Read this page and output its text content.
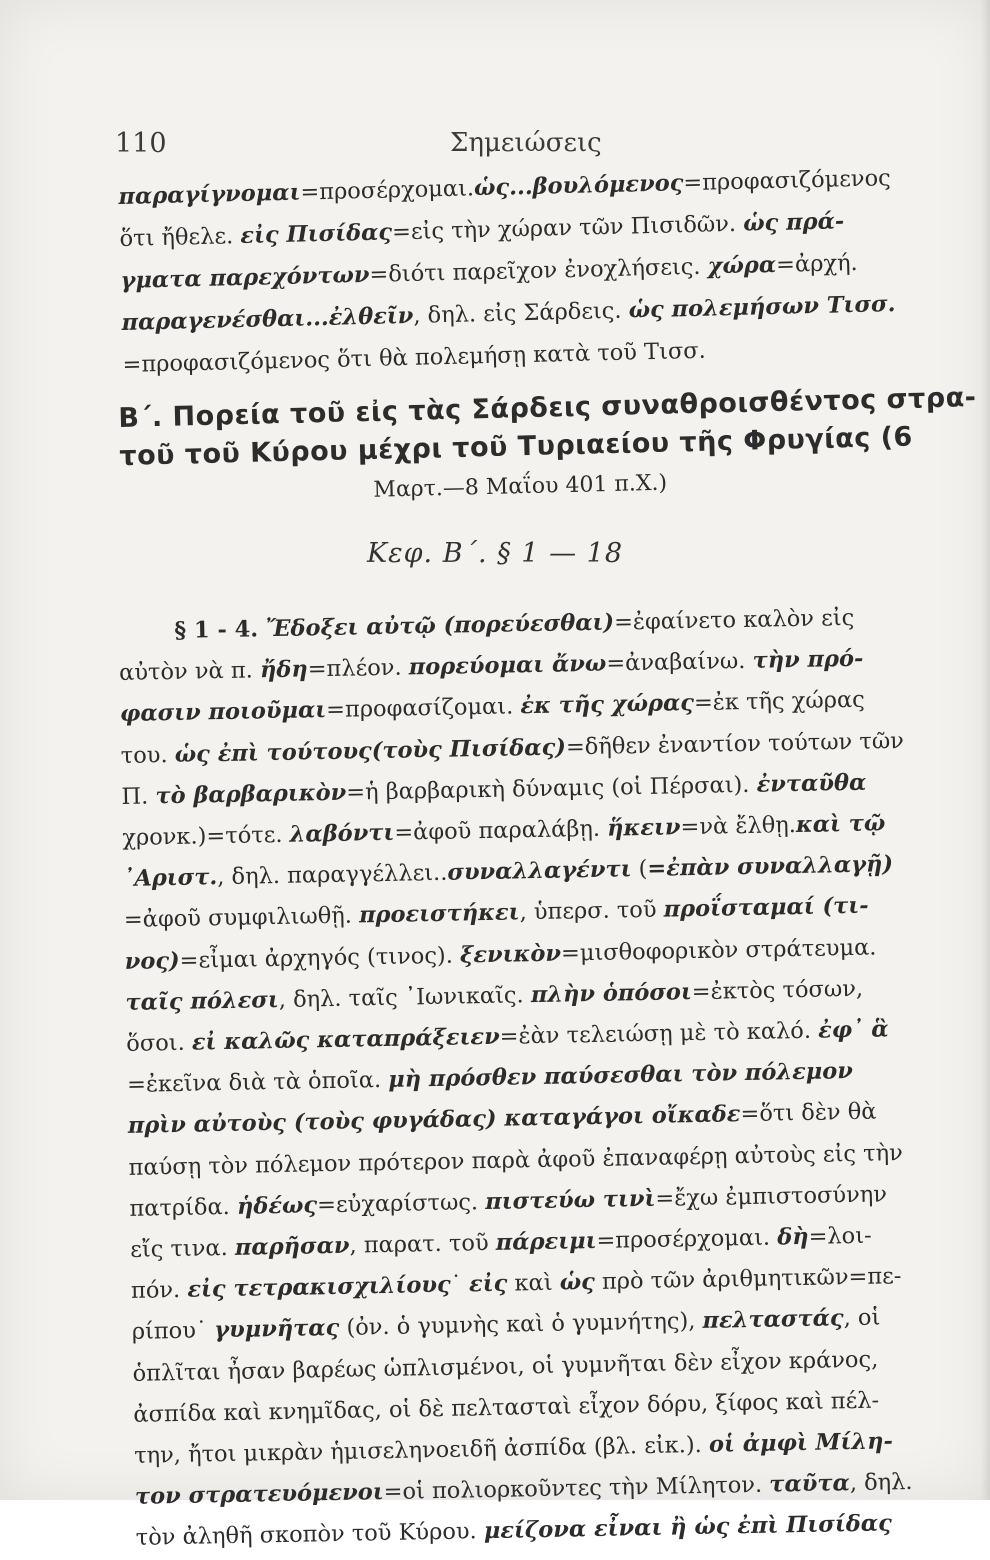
110	Σημειώσεις

παραγίγνομαι=προσέρχομαι.ὡς...βουλόμενος=προφασιζόμενος

ὅτι ἤθελε. εἰς Πισίδας=εἰς τὴν χώραν τῶν Πισιδῶν. ὡς πρά-

γματα παρεχόντων=διότι παρεῖχον ἐνοχλήσεις. χώρα=ἀρχή.

παραγενέσθαι...ἐλθεῖν, δηλ. εἰς Σάρδεις. ὡς πολεμήσων Τισσ.

=προφασιζόμενος ὅτι θὰ πολεμήσῃ κατὰ τοῦ Τισσ.

Β΄. Πορεία τοῦ εἰς τὰς Σάρδεις συναθροισθέντος στρα-
τοῦ τοῦ Κύρου μέχρι τοῦ Τυριαείου τῆς Φρυγίας (6
Μαρτ.—8 Μαΐου 401 π.Χ.)
Κεφ. Β΄. § 1 — 18

§ 1 - 4. Ἔδοξει αὐτῷ (πορεύεσθαι)=ἐφαίνετο καλὸν εἰς

αὐτὸν νὰ π. ἤδη=πλέον. πορεύομαι ἄνω=ἀναβαίνω. τὴν πρό-

φασιν ποιοῦμαι=προφασίζομαι. ἐκ τῆς χώρας=ἐκ τῆς χώρας

του. ὡς ἐπὶ τούτους(τοὺς Πισίδας)=δῆθεν ἐναντίον τούτων τῶν

Π. τὸ βαρβαρικὸν=ἡ βαρβαρικὴ δύναμις (οἱ Πέρσαι). ἐνταῦθα

χρονκ.)=τότε. λαβόντι=ἀφοῦ παραλάβῃ. ἥκειν=νὰ ἔλθῃ.καὶ τῷ

᾿Αριστ., δηλ. παραγγέλλει..συναλλαγέντι (=ἐπὰν συναλλαγῇ)

=ἀφοῦ συμφιλιωθῇ. προειστήκει, ὑπερσ. τοῦ προΐσταμαί (τι-

νος)=εἶμαι ἀρχηγός (τινος). ξενικὸν=μισθοφορικὸν στράτευμα.

ταῖς πόλεσι, δηλ. ταῖς ᾿Ιωνικαῖς. πλὴν ὁπόσοι=ἐκτὸς τόσων,

ὅσοι. εἰ καλῶς καταπράξειεν=ἐὰν τελειώσῃ μὲ τὸ καλό. ἐφ᾿ ἃ

=ἐκεῖνα διὰ τὰ ὁποῖα. μὴ πρόσθεν παύσεσθαι τὸν πόλεμον

πρὶν αὐτοὺς (τοὺς φυγάδας) καταγάγοι οἴκαδε=ὅτι δὲν θὰ

παύσῃ τὸν πόλεμον πρότερον παρὰ ἀφοῦ ἐπαναφέρῃ αὐτοὺς εἰς τὴν

πατρίδα. ἡδέως=εὐχαρίστως. πιστεύω τινὶ=ἔχω ἐμπιστοσύνην

εἴς τινα. παρῆσαν, παρατ. τοῦ πάρειμι=προσέρχομαι. δὴ=λοι-

πόν. εἰς τετρακισχιλίους˙ εἰς καὶ ὡς πρὸ τῶν ἀριθμητικῶν=πε-

ρίπου˙ γυμνῆτας (ὀν. ὁ γυμνὴς καὶ ὁ γυμνήτης), πελταστάς, οἱ

ὁπλῖται ἦσαν βαρέως ὡπλισμένοι, οἱ γυμνῆται δὲν εἶχον κράνος,

ἀσπίδα καὶ κνημῖδας, οἱ δὲ πελτασταὶ εἶχον δόρυ, ξίφος καὶ πέλ-

την, ἤτοι μικρὰν ἡμισεληνοειδῆ ἀσπίδα (βλ. εἰκ.). οἱ ἀμφὶ Μίλη-

τον στρατευόμενοι=οἱ πολιορκοῦντες τὴν Μίλητον. ταῦτα, δηλ.

τὸν ἀληθῆ σκοπὸν τοῦ Κύρου. μείζονα εἶναι ἢ ὡς ἐπὶ Πισίδας
